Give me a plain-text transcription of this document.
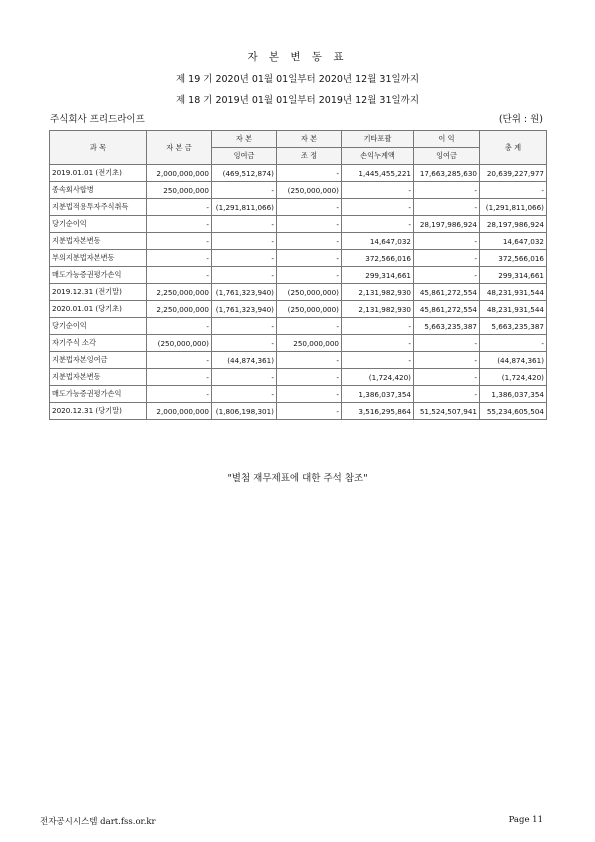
자 본 변 동 표
제 19 기 2020년 01월 01일부터 2020년 12월 31일까지
제 18 기 2019년 01월 01일부터 2019년 12월 31일까지
주식회사 프리드라이프	(단위 : 원)
과 목	자 본 금	자 본	자 본	기타포괄	이 익	총 계
		잉여금	조 정	손익누계액	잉여금	
2019.01.01 (전기초)	2,000,000,000	(469,512,874)	-	1,445,455,221	17,663,285,630	20,639,227,977
종속회사합병	250,000,000	-	(250,000,000)	-	-	-
지분법적용투자주식취득	-	(1,291,811,066)	-	-	-	(1,291,811,066)
당기순이익	-	-	-	-	28,197,986,924	28,197,986,924
지분법자본변동	-	-	-	14,647,032	-	14,647,032
부의지분법자본변동	-	-	-	372,566,016	-	372,566,016
매도가능증권평가손익	-	-	-	299,314,661	-	299,314,661
2019.12.31 (전기말)	2,250,000,000	(1,761,323,940)	(250,000,000)	2,131,982,930	45,861,272,554	48,231,931,544
2020.01.01 (당기초)	2,250,000,000	(1,761,323,940)	(250,000,000)	2,131,982,930	45,861,272,554	48,231,931,544
당기순이익	-	-	-	-	5,663,235,387	5,663,235,387
자기주식 소각	(250,000,000)	-	250,000,000	-	-	-
지분법자본잉여금	-	(44,874,361)	-	-	-	(44,874,361)
지분법자본변동	-	-	-	(1,724,420)	-	(1,724,420)
매도가능증권평가손익	-	-	-	1,386,037,354	-	1,386,037,354
2020.12.31 (당기말)	2,000,000,000	(1,806,198,301)	-	3,516,295,864	51,524,507,941	55,234,605,504
"별첨 재무제표에 대한 주석 참조"
전자공시시스템 dart.fss.or.kr	Page 11
